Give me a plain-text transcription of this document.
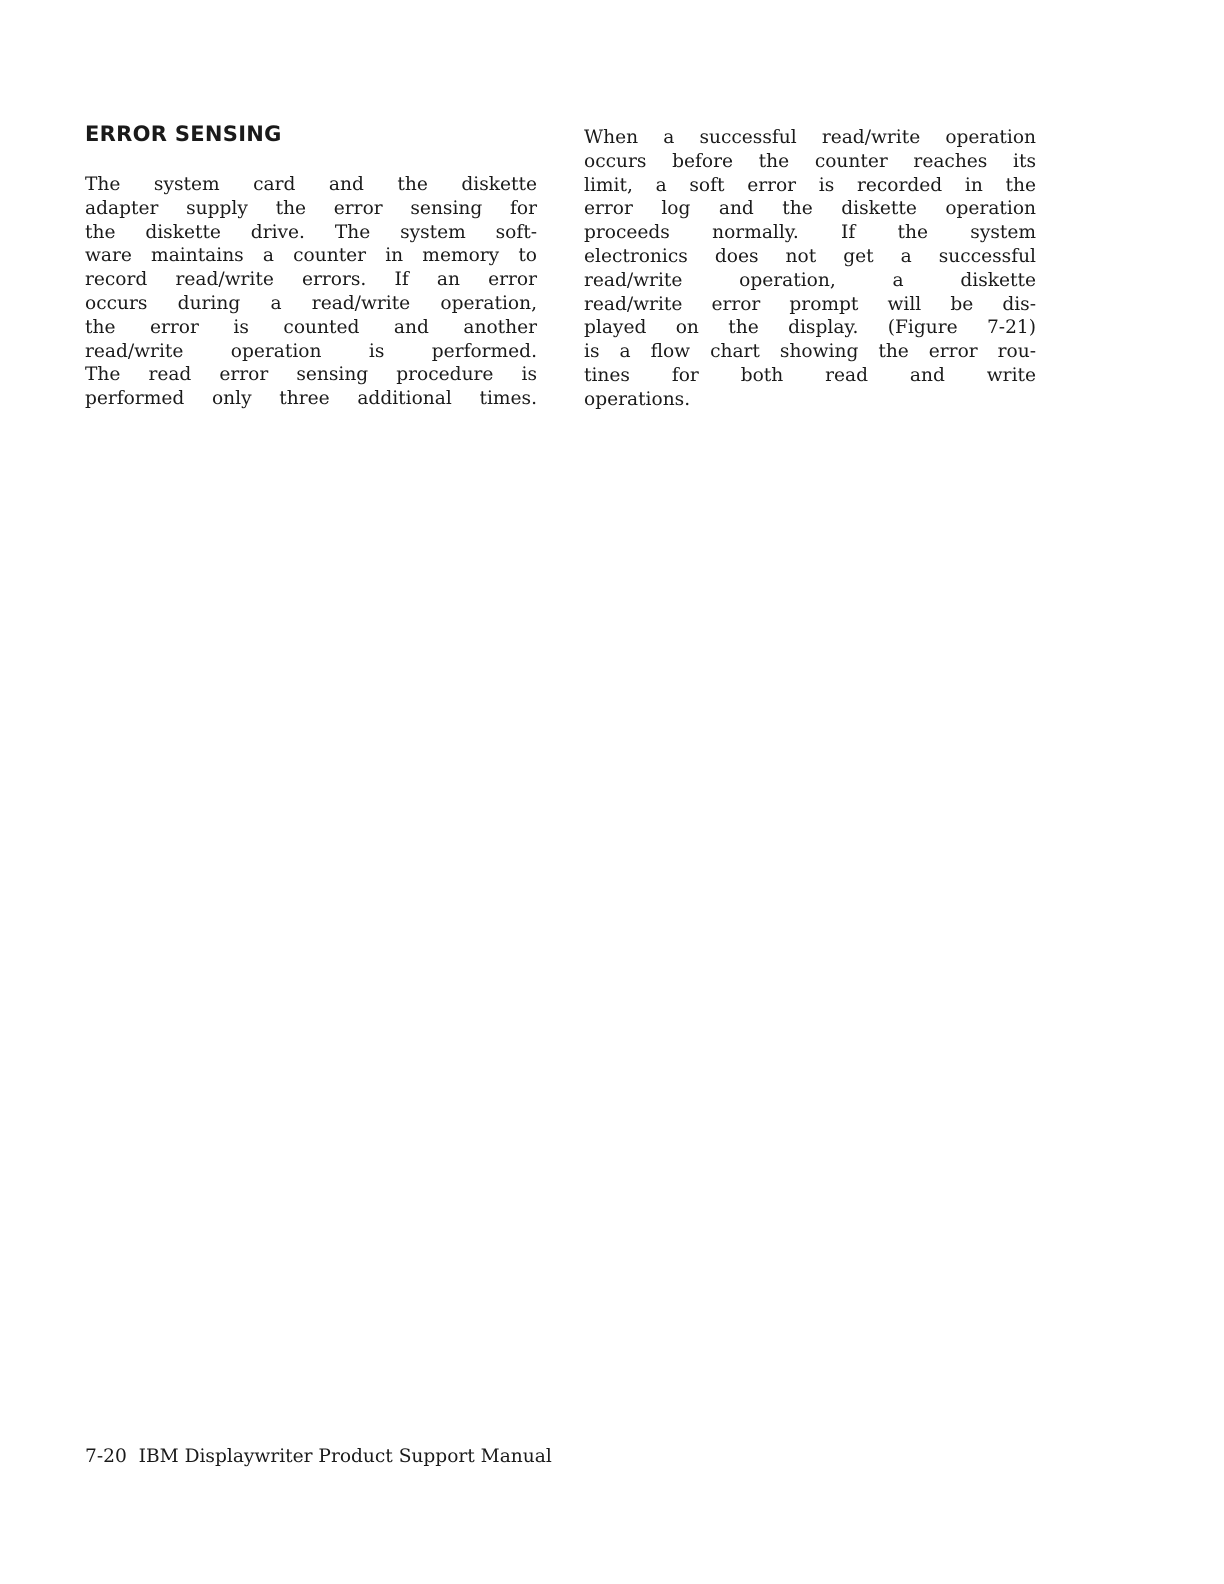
ERROR SENSING
The system card and the diskette
adapter supply the error sensing for
the diskette drive. The system soft-
ware maintains a counter in memory to
record read/write errors. If an error
occurs during a read/write operation,
the error is counted and another
read/write operation is performed.
The read error sensing procedure is
performed only three additional times.
When a successful read/write operation
occurs before the counter reaches its
limit, a soft error is recorded in the
error log and the diskette operation
proceeds normally. If the system
electronics does not get a successful
read/write operation, a diskette
read/write error prompt will be dis-
played on the display. (Figure 7-21)
is a flow chart showing the error rou-
tines for both read and write
operations.
7-20 IBM Displaywriter Product Support Manual
